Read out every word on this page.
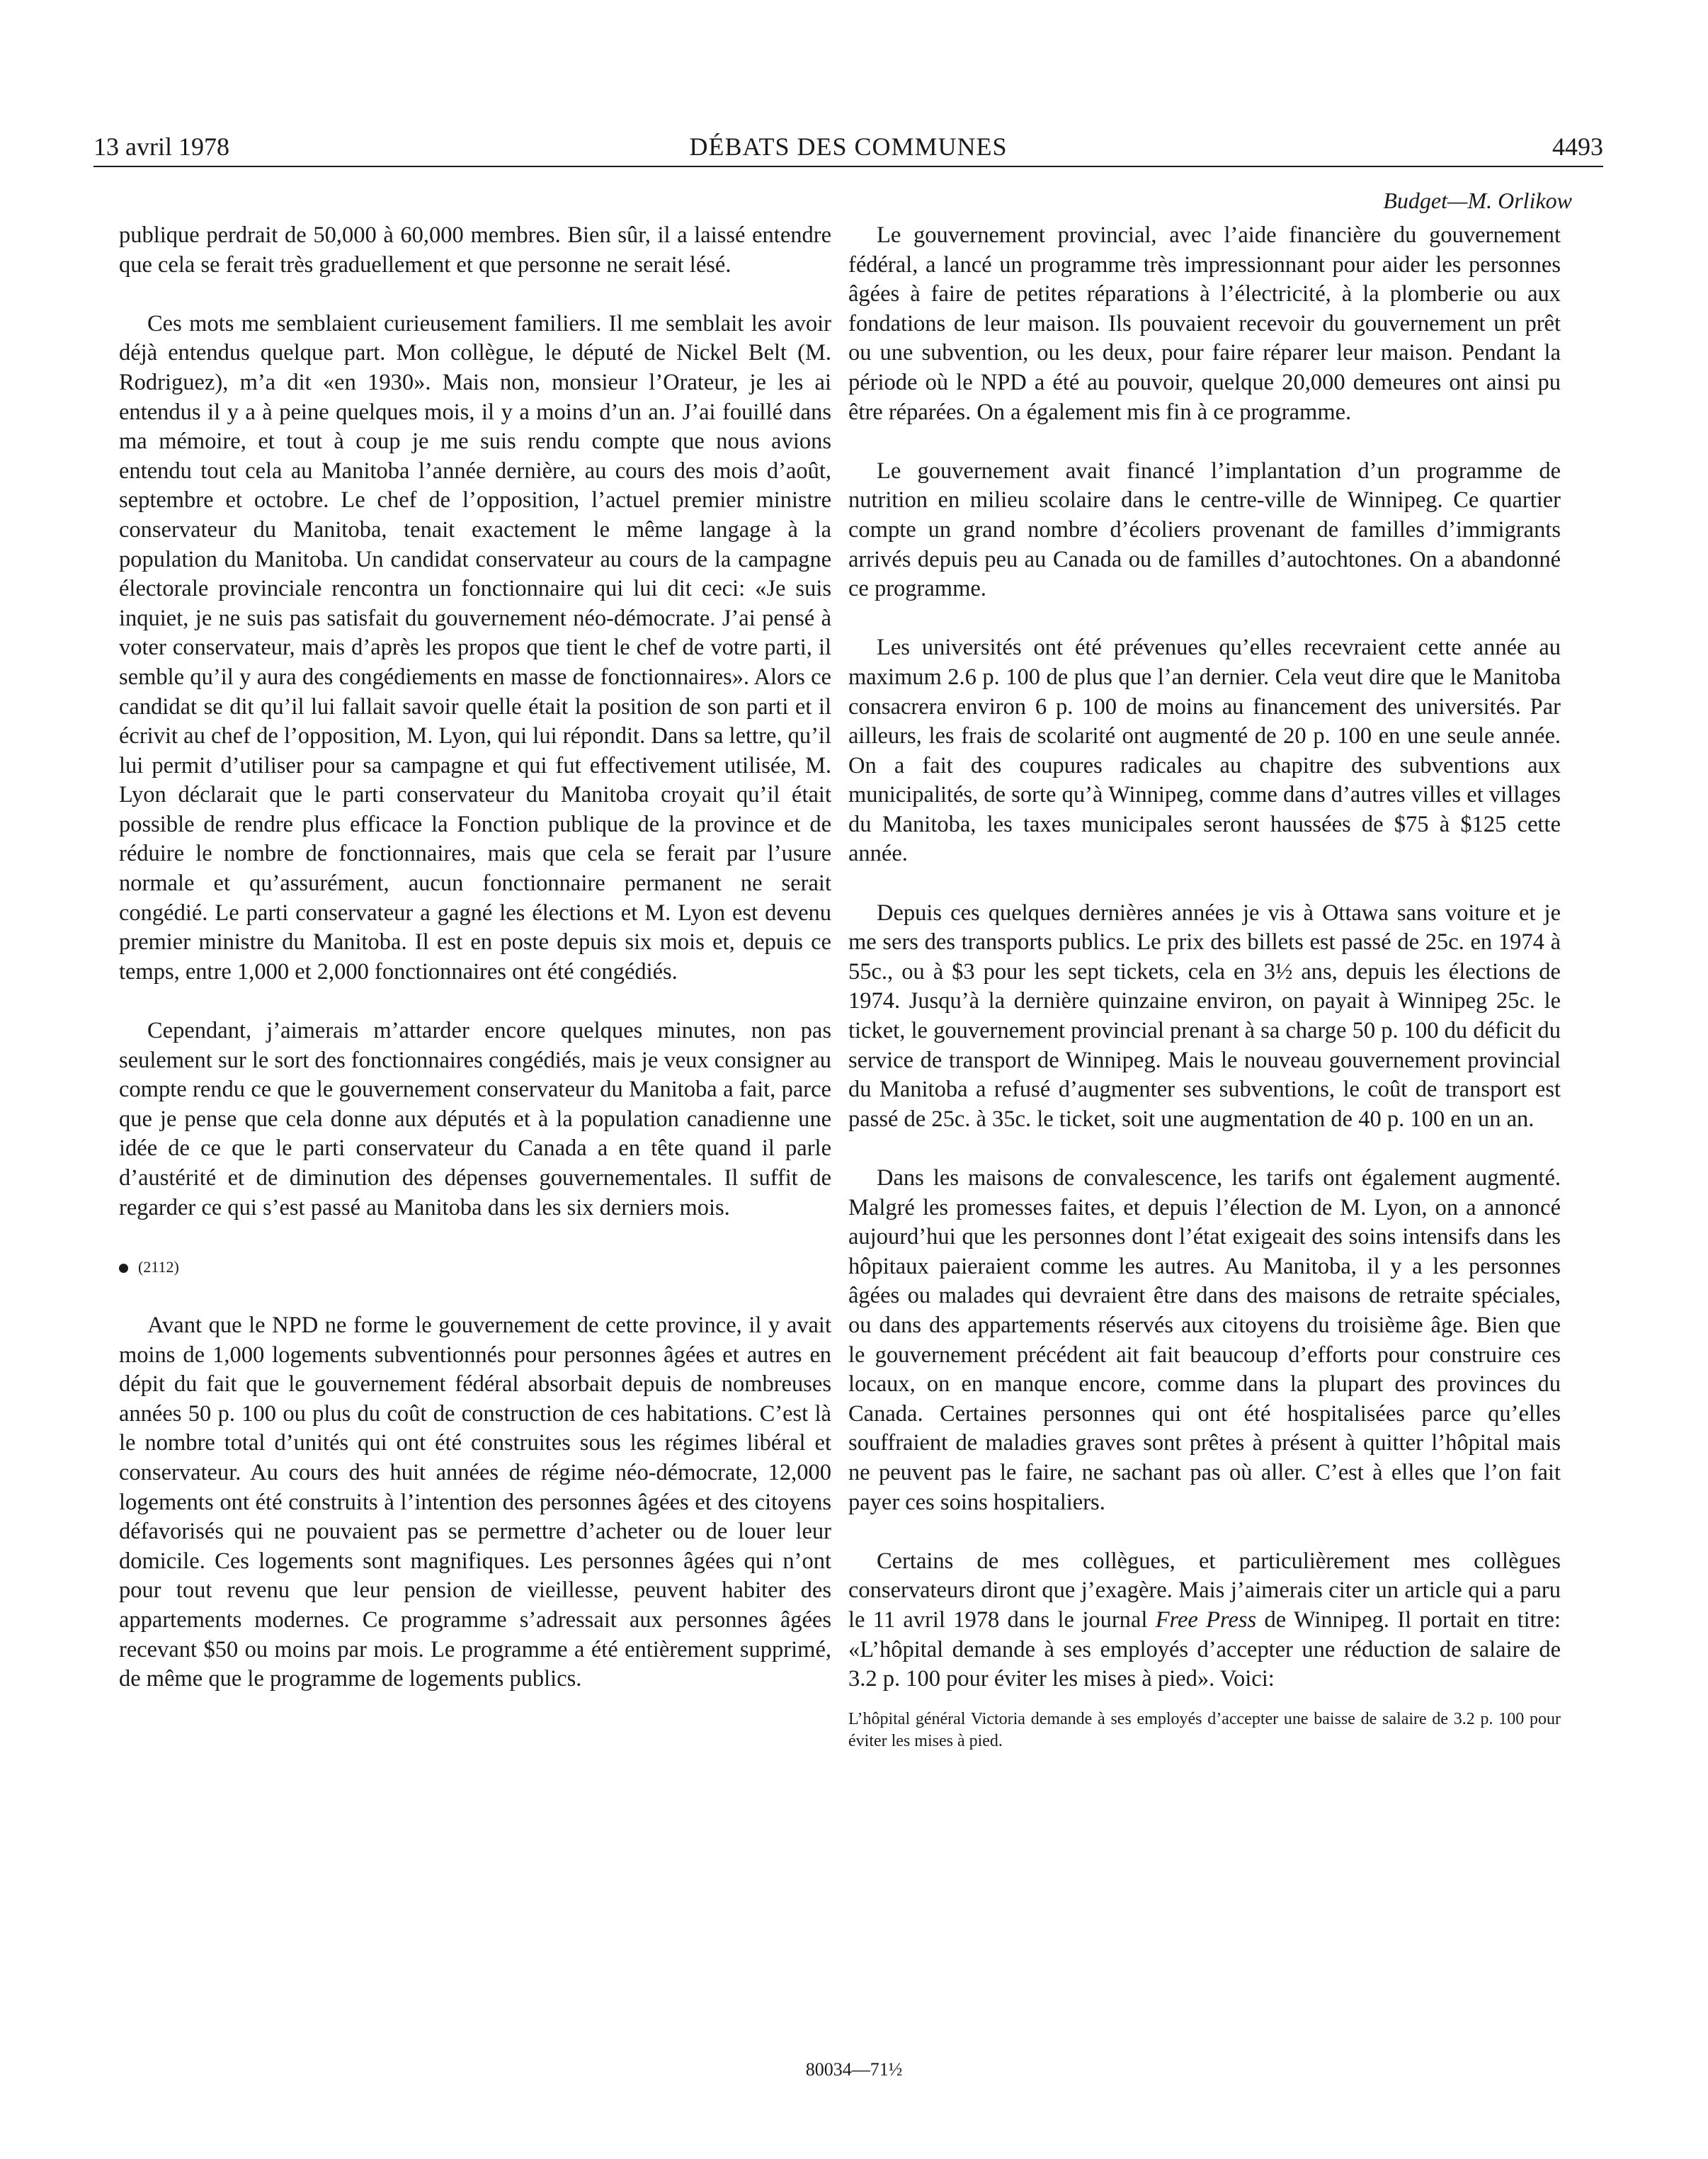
13 avril 1978	DÉBATS DES COMMUNES	4493
Budget—M. Orlikow

publique perdrait de 50,000 à 60,000 membres. Bien sûr, il a laissé entendre que cela se ferait très graduellement et que personne ne serait lésé.

Ces mots me semblaient curieusement familiers. Il me semblait les avoir déjà entendus quelque part. Mon collègue, le député de Nickel Belt (M. Rodriguez), m’a dit «en 1930». Mais non, monsieur l’Orateur, je les ai entendus il y a à peine quelques mois, il y a moins d’un an. J’ai fouillé dans ma mémoire, et tout à coup je me suis rendu compte que nous avions entendu tout cela au Manitoba l’année dernière, au cours des mois d’août, septembre et octobre. Le chef de l’opposition, l’actuel premier ministre conservateur du Manitoba, tenait exactement le même langage à la population du Manitoba. Un candidat conservateur au cours de la campagne électorale provinciale rencontra un fonctionnaire qui lui dit ceci: «Je suis inquiet, je ne suis pas satisfait du gouvernement néo-démocrate. J’ai pensé à voter conservateur, mais d’après les propos que tient le chef de votre parti, il semble qu’il y aura des congédiements en masse de fonctionnaires». Alors ce candidat se dit qu’il lui fallait savoir quelle était la position de son parti et il écrivit au chef de l’opposition, M. Lyon, qui lui répondit. Dans sa lettre, qu’il lui permit d’utiliser pour sa campagne et qui fut effectivement utilisée, M. Lyon déclarait que le parti conservateur du Manitoba croyait qu’il était possible de rendre plus efficace la Fonction publique de la province et de réduire le nombre de fonctionnaires, mais que cela se ferait par l’usure normale et qu’assurément, aucun fonctionnaire permanent ne serait congédié. Le parti conservateur a gagné les élections et M. Lyon est devenu premier ministre du Manitoba. Il est en poste depuis six mois et, depuis ce temps, entre 1,000 et 2,000 fonctionnaires ont été congédiés.

Cependant, j’aimerais m’attarder encore quelques minutes, non pas seulement sur le sort des fonctionnaires congédiés, mais je veux consigner au compte rendu ce que le gouvernement conservateur du Manitoba a fait, parce que je pense que cela donne aux députés et à la population canadienne une idée de ce que le parti conservateur du Canada a en tête quand il parle d’austérité et de diminution des dépenses gouvernementales. Il suffit de regarder ce qui s’est passé au Manitoba dans les six derniers mois.

(2112)

Avant que le NPD ne forme le gouvernement de cette province, il y avait moins de 1,000 logements subventionnés pour personnes âgées et autres en dépit du fait que le gouvernement fédéral absorbait depuis de nombreuses années 50 p. 100 ou plus du coût de construction de ces habitations. C’est là le nombre total d’unités qui ont été construites sous les régimes libéral et conservateur. Au cours des huit années de régime néo-démocrate, 12,000 logements ont été construits à l’intention des personnes âgées et des citoyens défavorisés qui ne pouvaient pas se permettre d’acheter ou de louer leur domicile. Ces logements sont magnifiques. Les personnes âgées qui n’ont pour tout revenu que leur pension de vieillesse, peuvent habiter des appartements modernes. Ce programme s’adressait aux personnes âgées recevant $50 ou moins par mois. Le programme a été entièrement supprimé, de même que le programme de logements publics.

Le gouvernement provincial, avec l’aide financière du gouvernement fédéral, a lancé un programme très impressionnant pour aider les personnes âgées à faire de petites réparations à l’électricité, à la plomberie ou aux fondations de leur maison. Ils pouvaient recevoir du gouvernement un prêt ou une subvention, ou les deux, pour faire réparer leur maison. Pendant la période où le NPD a été au pouvoir, quelque 20,000 demeures ont ainsi pu être réparées. On a également mis fin à ce programme.

Le gouvernement avait financé l’implantation d’un programme de nutrition en milieu scolaire dans le centre-ville de Winnipeg. Ce quartier compte un grand nombre d’écoliers provenant de familles d’immigrants arrivés depuis peu au Canada ou de familles d’autochtones. On a abandonné ce programme.

Les universités ont été prévenues qu’elles recevraient cette année au maximum 2.6 p. 100 de plus que l’an dernier. Cela veut dire que le Manitoba consacrera environ 6 p. 100 de moins au financement des universités. Par ailleurs, les frais de scolarité ont augmenté de 20 p. 100 en une seule année. On a fait des coupures radicales au chapitre des subventions aux municipalités, de sorte qu’à Winnipeg, comme dans d’autres villes et villages du Manitoba, les taxes municipales seront haussées de $75 à $125 cette année.

Depuis ces quelques dernières années je vis à Ottawa sans voiture et je me sers des transports publics. Le prix des billets est passé de 25c. en 1974 à 55c., ou à $3 pour les sept tickets, cela en 3½ ans, depuis les élections de 1974. Jusqu’à la dernière quinzaine environ, on payait à Winnipeg 25c. le ticket, le gouvernement provincial prenant à sa charge 50 p. 100 du déficit du service de transport de Winnipeg. Mais le nouveau gouvernement provincial du Manitoba a refusé d’augmenter ses subventions, le coût de transport est passé de 25c. à 35c. le ticket, soit une augmentation de 40 p. 100 en un an.

Dans les maisons de convalescence, les tarifs ont également augmenté. Malgré les promesses faites, et depuis l’élection de M. Lyon, on a annoncé aujourd’hui que les personnes dont l’état exigeait des soins intensifs dans les hôpitaux paieraient comme les autres. Au Manitoba, il y a les personnes âgées ou malades qui devraient être dans des maisons de retraite spéciales, ou dans des appartements réservés aux citoyens du troisième âge. Bien que le gouvernement précédent ait fait beaucoup d’efforts pour construire ces locaux, on en manque encore, comme dans la plupart des provinces du Canada. Certaines personnes qui ont été hospitalisées parce qu’elles souffraient de maladies graves sont prêtes à présent à quitter l’hôpital mais ne peuvent pas le faire, ne sachant pas où aller. C’est à elles que l’on fait payer ces soins hospitaliers.

Certains de mes collègues, et particulièrement mes collègues conservateurs diront que j’exagère. Mais j’aimerais citer un article qui a paru le 11 avril 1978 dans le journal Free Press de Winnipeg. Il portait en titre: «L’hôpital demande à ses employés d’accepter une réduction de salaire de 3.2 p. 100 pour éviter les mises à pied». Voici:

L’hôpital général Victoria demande à ses employés d’accepter une baisse de salaire de 3.2 p. 100 pour éviter les mises à pied.

80034—71½
